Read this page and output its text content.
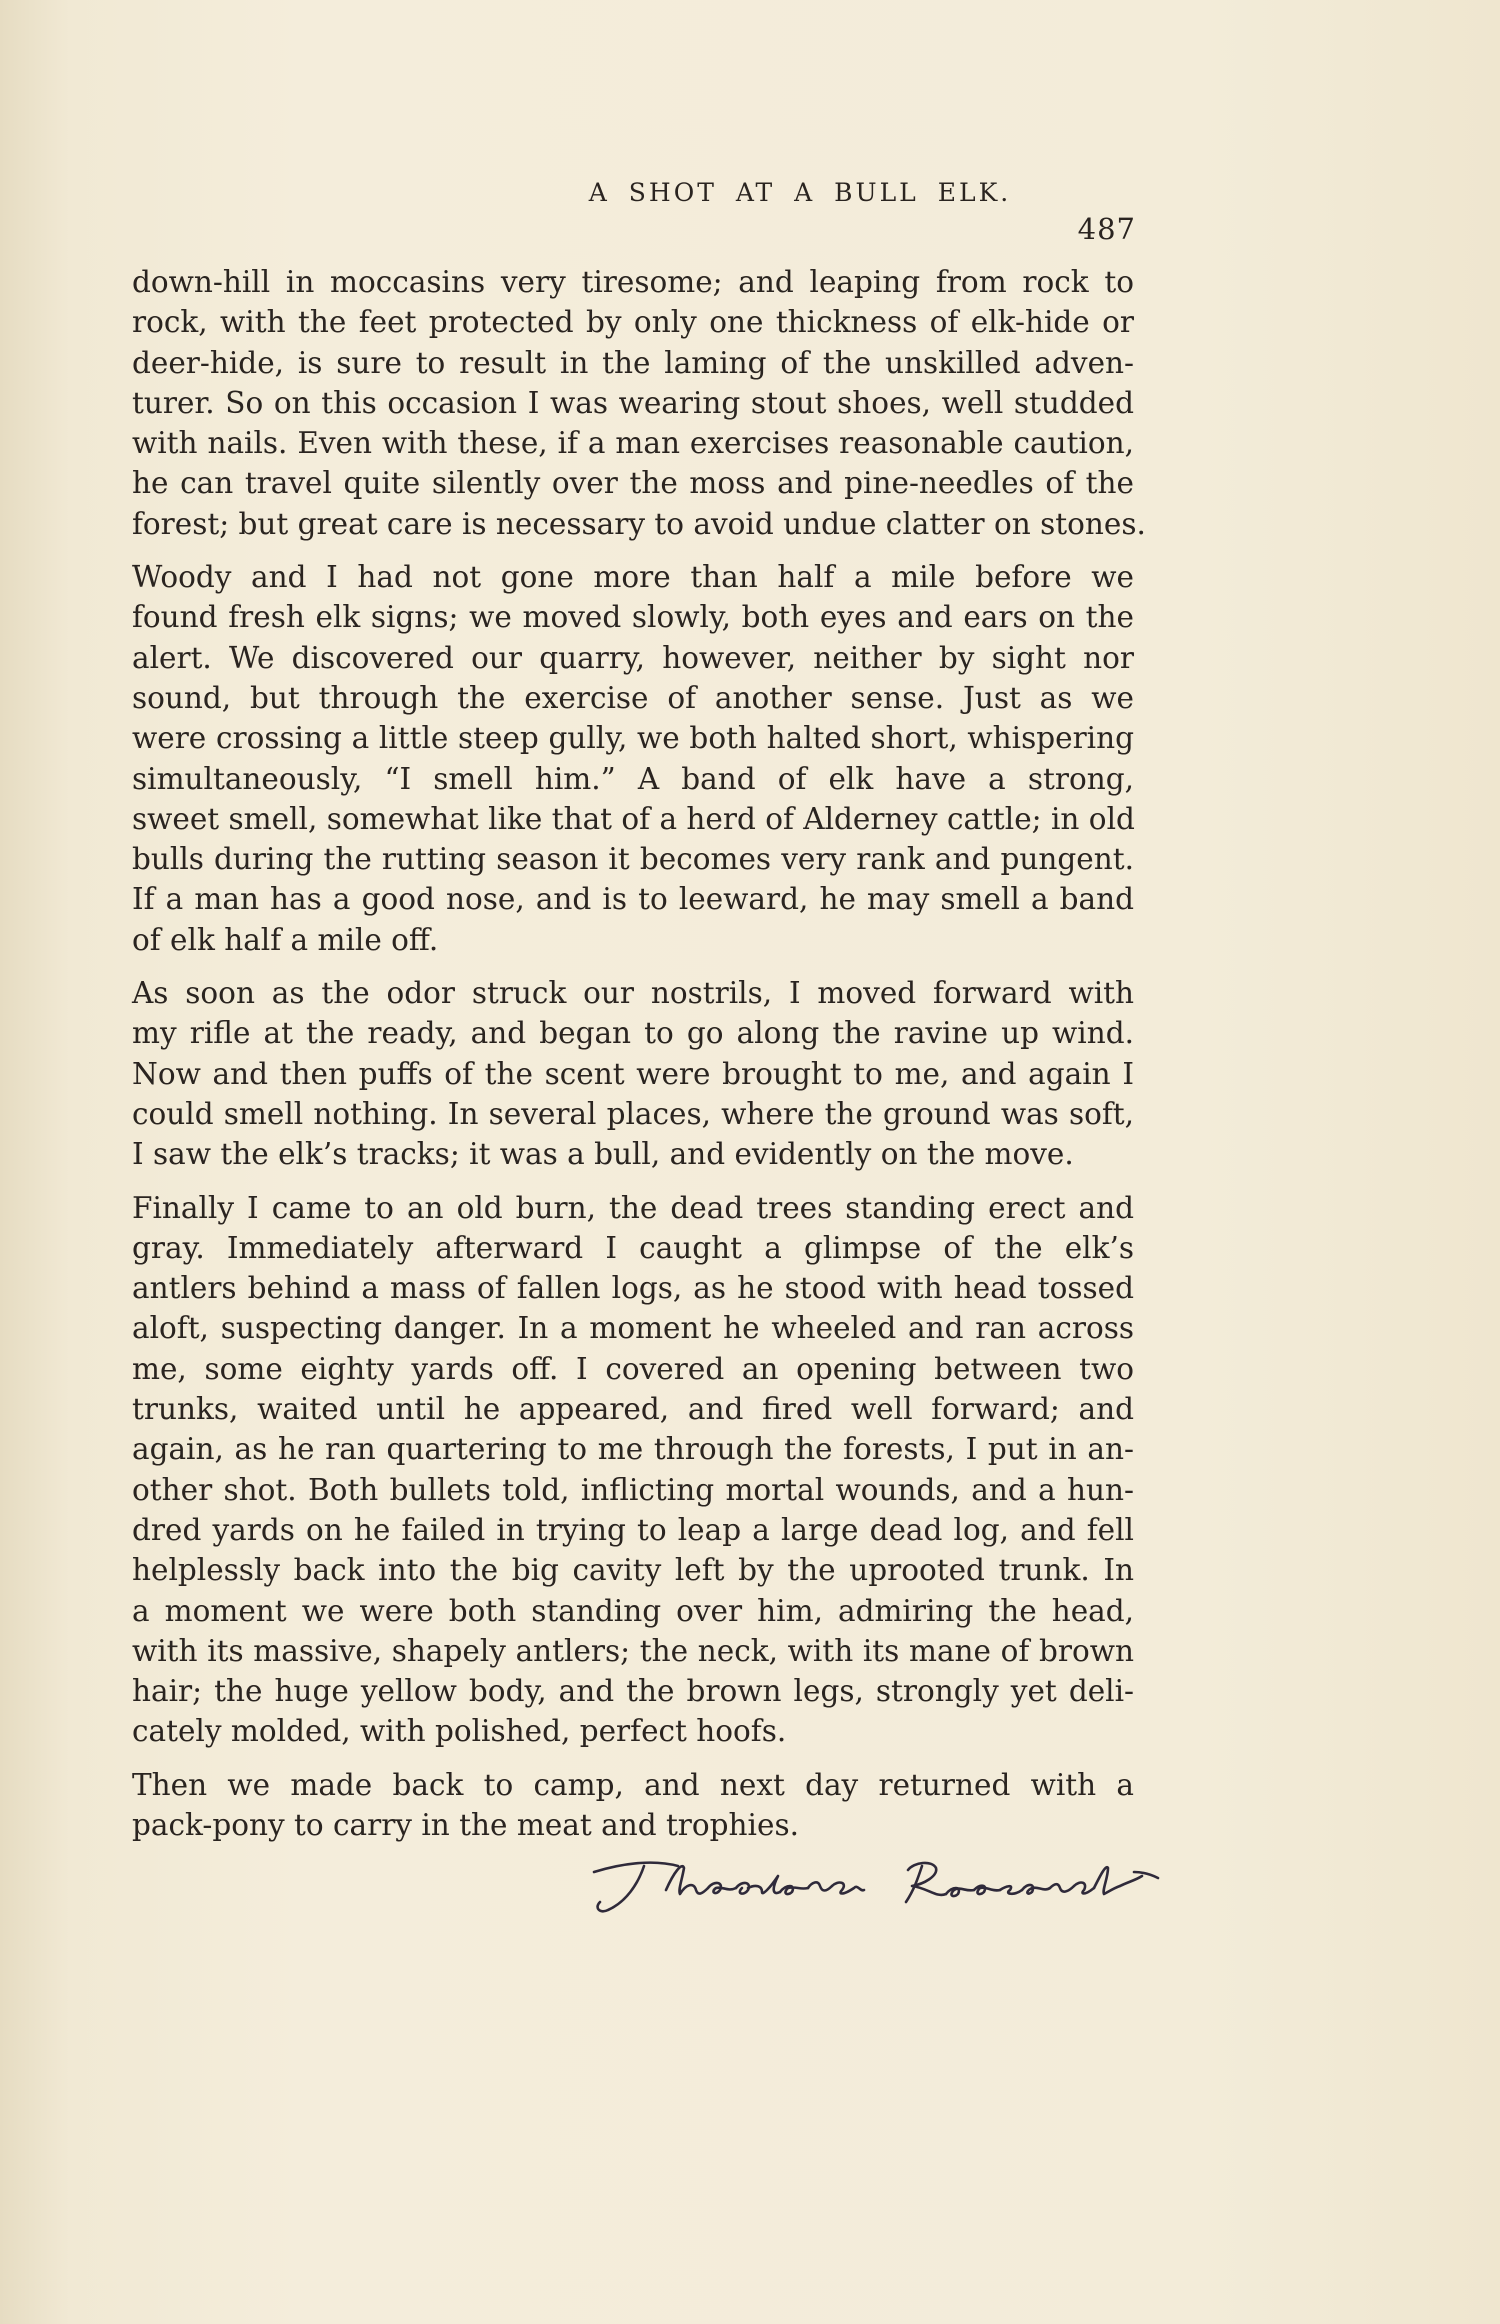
A SHOT AT A BULL ELK.
487
down-hill in moccasins very tiresome; and leaping from rock to
rock, with the feet protected by only one thickness of elk-hide or
deer-hide, is sure to result in the laming of the unskilled adven-
turer. So on this occasion I was wearing stout shoes, well studded
with nails. Even with these, if a man exercises reasonable caution,
he can travel quite silently over the moss and pine-needles of the
forest; but great care is necessary to avoid undue clatter on stones.
Woody and I had not gone more than half a mile before we
found fresh elk signs; we moved slowly, both eyes and ears on the
alert. We discovered our quarry, however, neither by sight nor
sound, but through the exercise of another sense. Just as we
were crossing a little steep gully, we both halted short, whispering
simultaneously, “I smell him.” A band of elk have a strong,
sweet smell, somewhat like that of a herd of Alderney cattle; in old
bulls during the rutting season it becomes very rank and pungent.
If a man has a good nose, and is to leeward, he may smell a band
of elk half a mile off.
As soon as the odor struck our nostrils, I moved forward with
my rifle at the ready, and began to go along the ravine up wind.
Now and then puffs of the scent were brought to me, and again I
could smell nothing. In several places, where the ground was soft,
I saw the elk’s tracks; it was a bull, and evidently on the move.
Finally I came to an old burn, the dead trees standing erect and
gray. Immediately afterward I caught a glimpse of the elk’s
antlers behind a mass of fallen logs, as he stood with head tossed
aloft, suspecting danger. In a moment he wheeled and ran across
me, some eighty yards off. I covered an opening between two
trunks, waited until he appeared, and fired well forward; and
again, as he ran quartering to me through the forests, I put in an-
other shot. Both bullets told, inflicting mortal wounds, and a hun-
dred yards on he failed in trying to leap a large dead log, and fell
helplessly back into the big cavity left by the uprooted trunk. In
a moment we were both standing over him, admiring the head,
with its massive, shapely antlers; the neck, with its mane of brown
hair; the huge yellow body, and the brown legs, strongly yet deli-
cately molded, with polished, perfect hoofs.
Then we made back to camp, and next day returned with a
pack-pony to carry in the meat and trophies.
